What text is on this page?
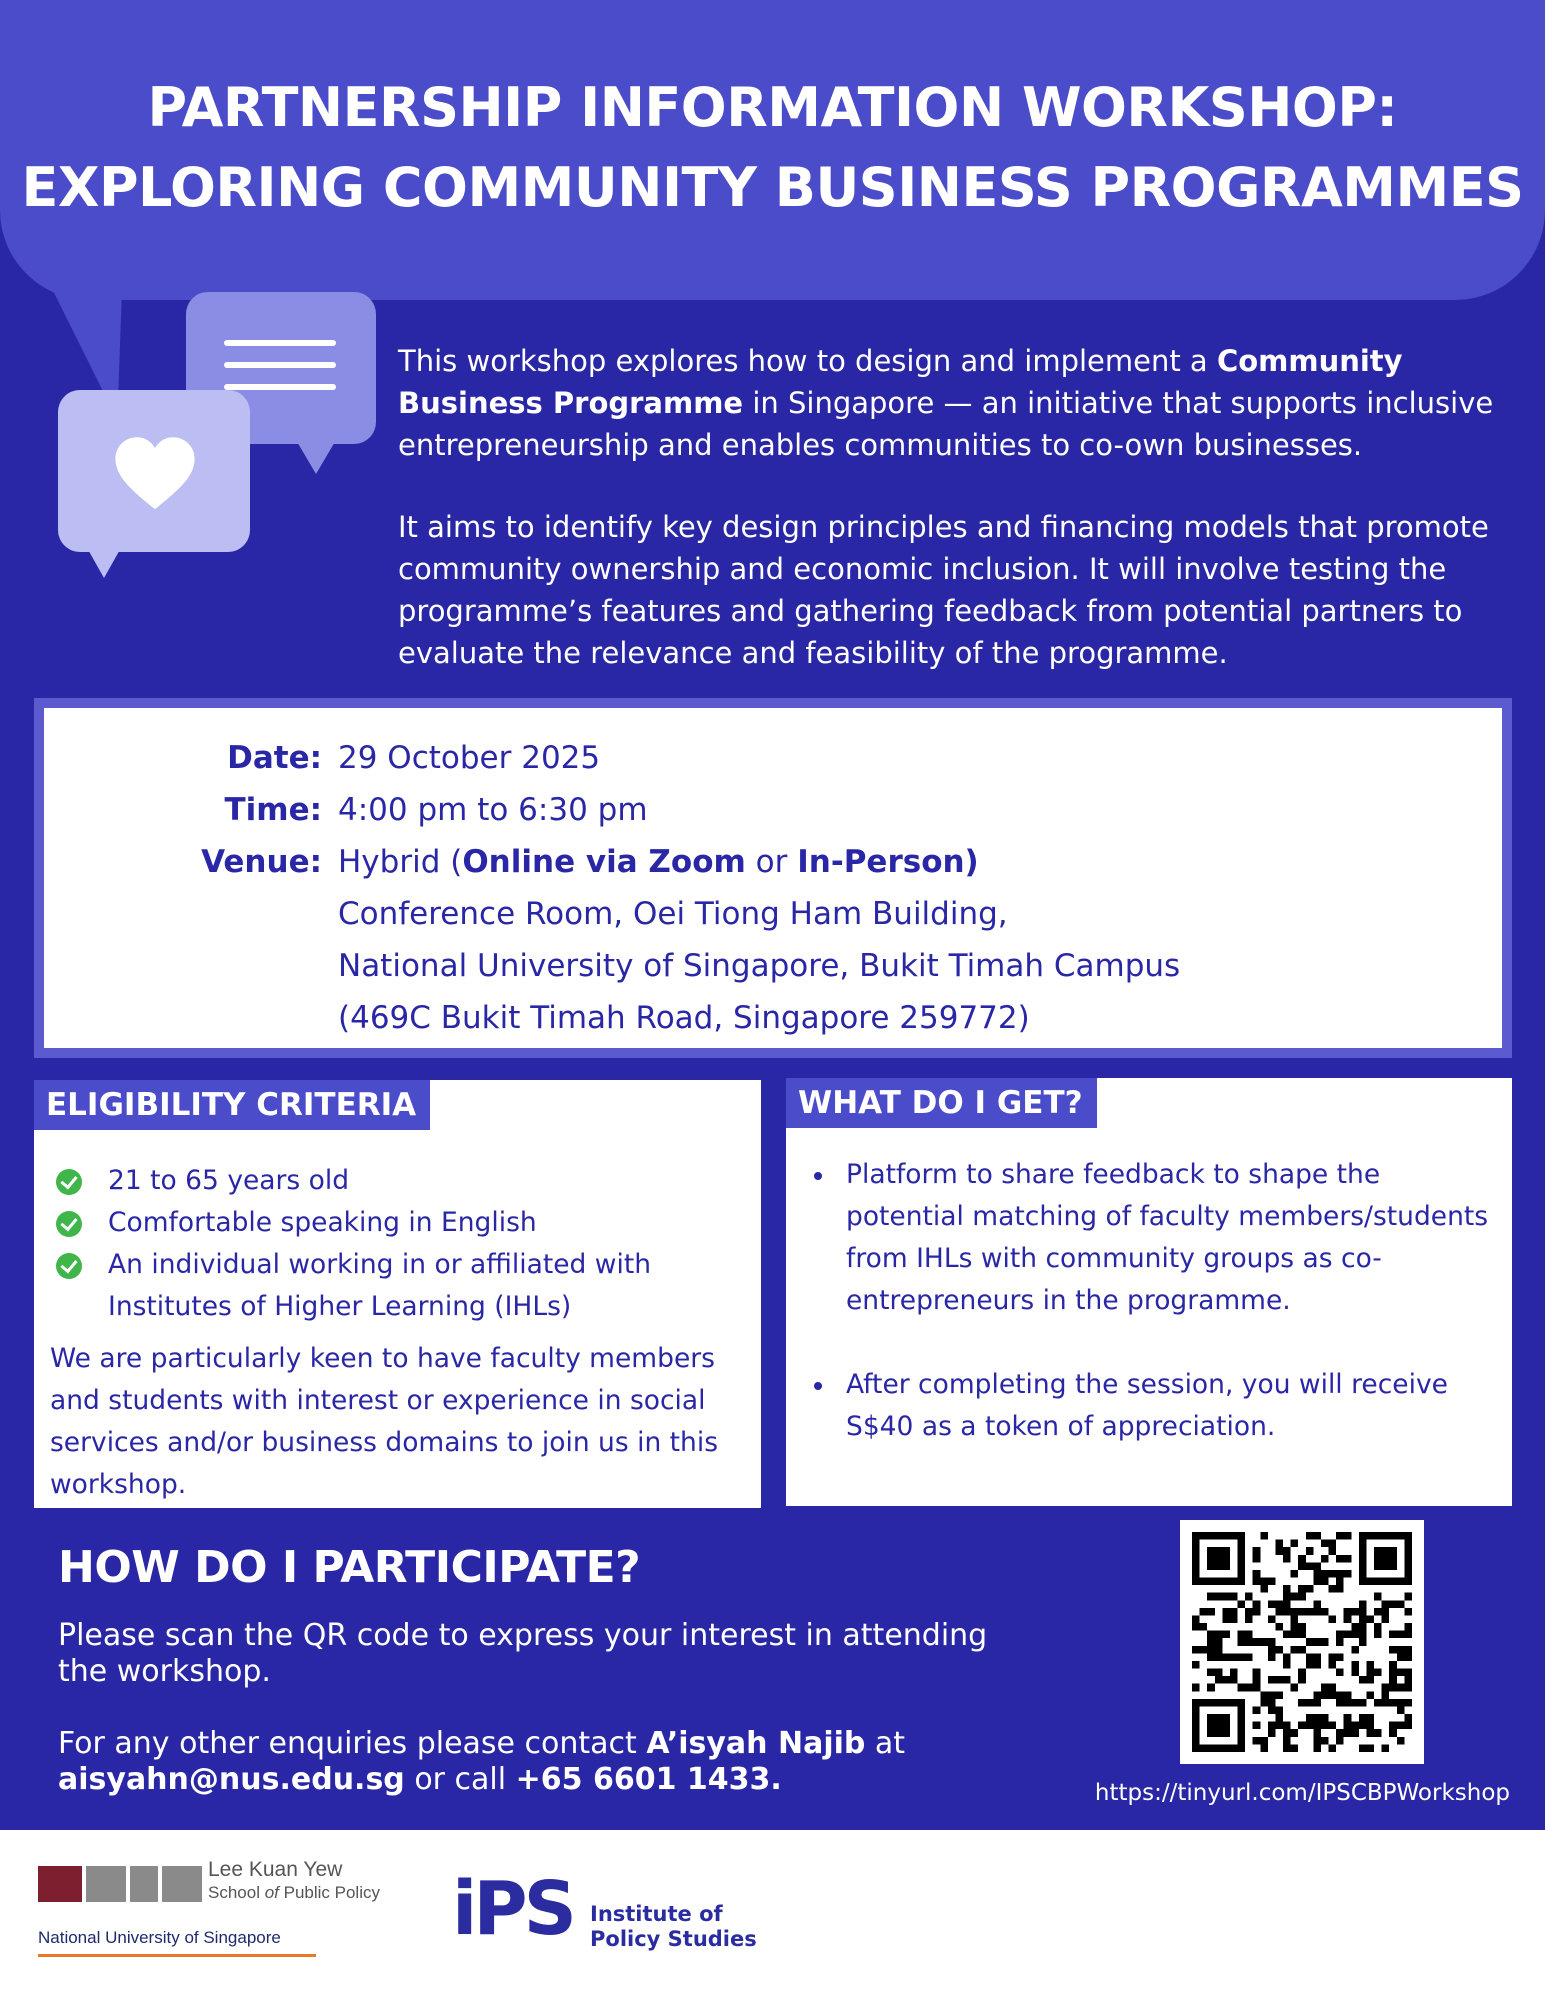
PARTNERSHIP INFORMATION WORKSHOP:
EXPLORING COMMUNITY BUSINESS PROGRAMMES

This workshop explores how to design and implement a Community Business Programme in Singapore — an initiative that supports inclusive entrepreneurship and enables communities to co-own businesses.

It aims to identify key design principles and financing models that promote community ownership and economic inclusion. It will involve testing the programme’s features and gathering feedback from potential partners to evaluate the relevance and feasibility of the programme.

Date: 29 October 2025
Time: 4:00 pm to 6:30 pm
Venue: Hybrid (Online via Zoom or In-Person)
Conference Room, Oei Tiong Ham Building,
National University of Singapore, Bukit Timah Campus
(469C Bukit Timah Road, Singapore 259772)
ELIGIBILITY CRITERIA
21 to 65 years old
Comfortable speaking in English
An individual working in or affiliated with Institutes of Higher Learning (IHLs)
We are particularly keen to have faculty members and students with interest or experience in social services and/or business domains to join us in this workshop.
WHAT DO I GET?
Platform to share feedback to shape the potential matching of faculty members/students from IHLs with community groups as co-entrepreneurs in the programme.
After completing the session, you will receive S$40 as a token of appreciation.
HOW DO I PARTICIPATE?

Please scan the QR code to express your interest in attending the workshop.

For any other enquiries please contact A’isyah Najib at
aisyahn@nus.edu.sg or call +65 6601 1433.	https://tinyurl.com/IPSCBPWorkshop
Lee Kuan Yew
School of Public Policy
National University of Singapore iPS Institute of
Policy Studies
